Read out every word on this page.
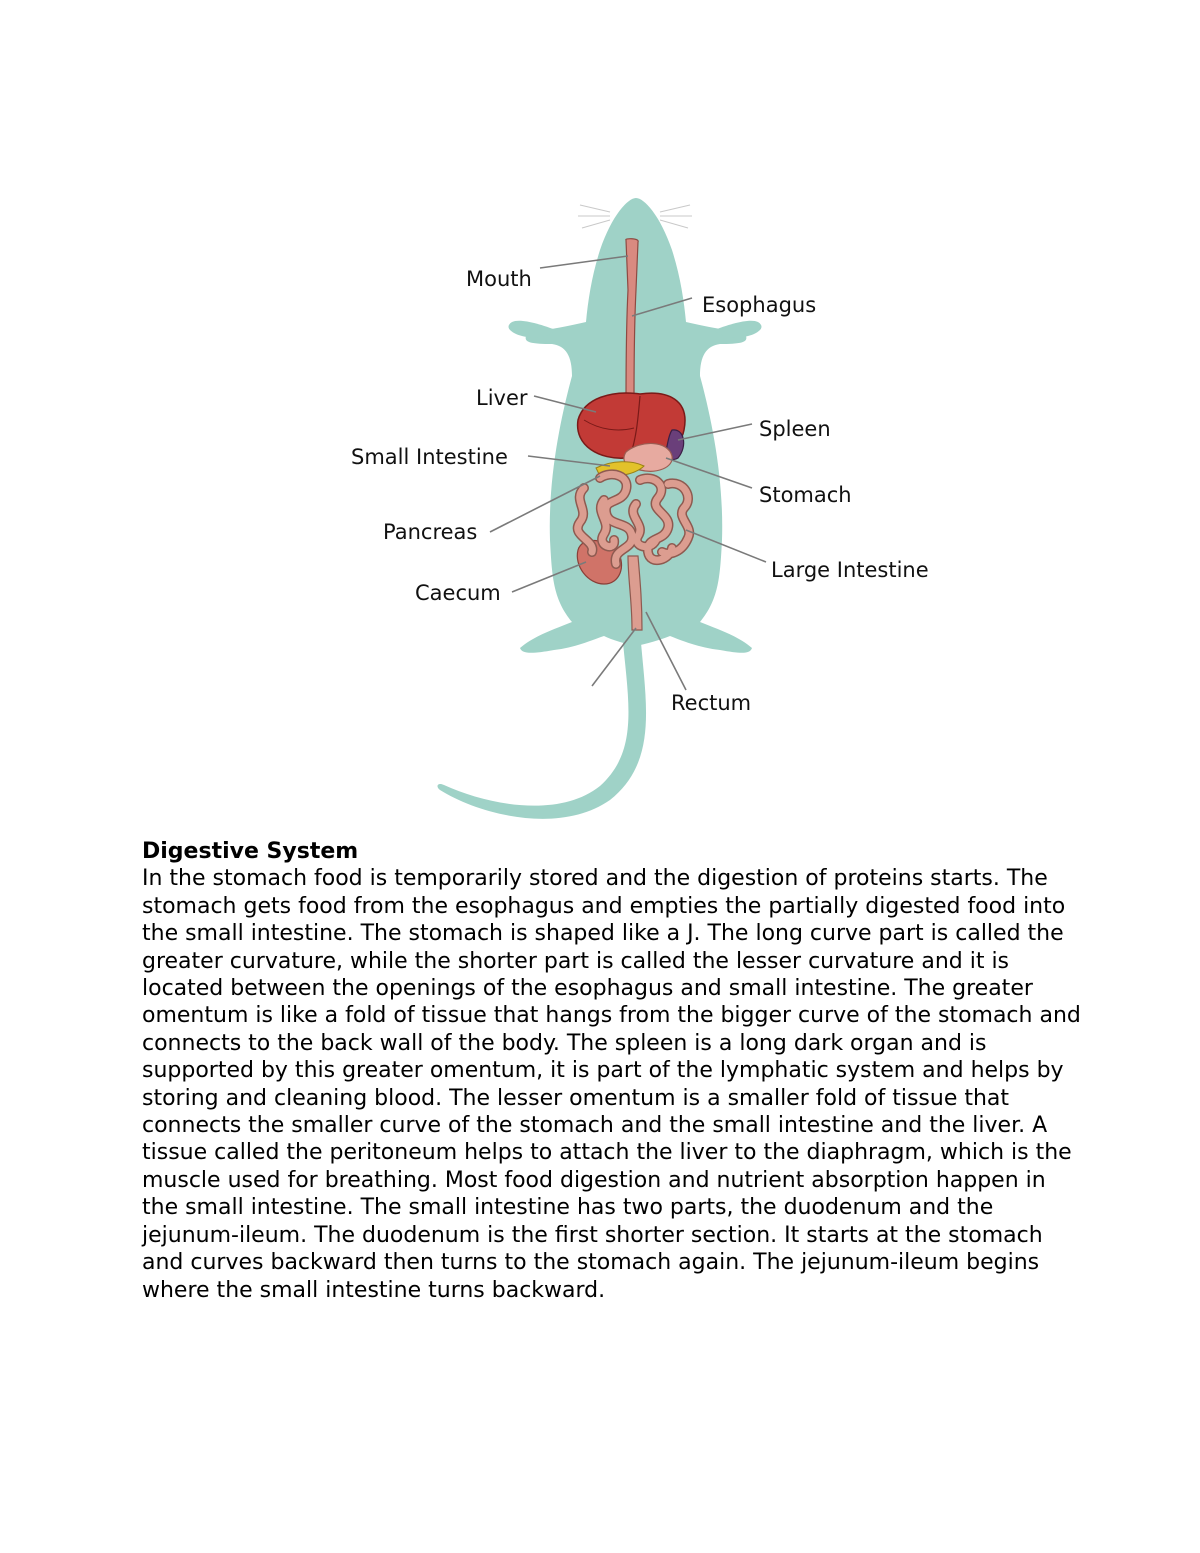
Mouth
Esophagus
Liver
Spleen
Small Intestine
Stomach
Pancreas
Large Intestine
Caecum
Rectum

Digestive System

In the stomach food is temporarily stored and the digestion of proteins starts. The stomach gets food from the esophagus and empties the partially digested food into the small intestine. The stomach is shaped like a J. The long curve part is called the greater curvature, while the shorter part is called the lesser curvature and it is located between the openings of the esophagus and small intestine. The greater omentum is like a fold of tissue that hangs from the bigger curve of the stomach and connects to the back wall of the body. The spleen is a long dark organ and is supported by this greater omentum, it is part of the lymphatic system and helps by storing and cleaning blood. The lesser omentum is a smaller fold of tissue that connects the smaller curve of the stomach and the small intestine and the liver. A tissue called the peritoneum helps to attach the liver to the diaphragm, which is the muscle used for breathing. Most food digestion and nutrient absorption happen in the small intestine. The small intestine has two parts, the duodenum and the jejunum-ileum. The duodenum is the first shorter section. It starts at the stomach and curves backward then turns to the stomach again. The jejunum-ileum begins where the small intestine turns backward.
